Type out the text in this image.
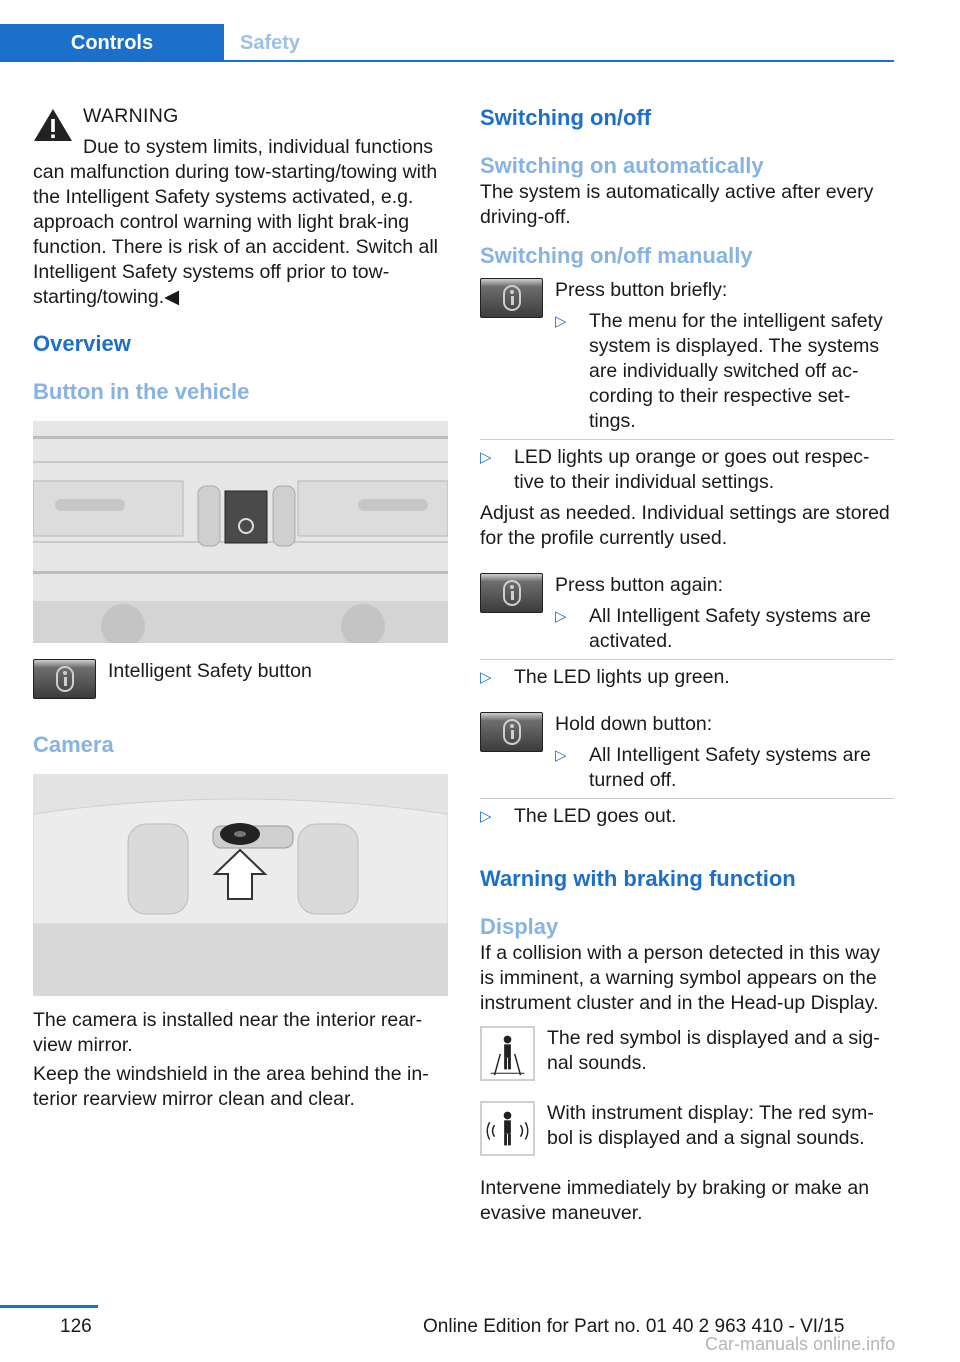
Controls	Safety

WARNING

Due to system limits, individual functions can malfunction during tow-starting/towing with the Intelligent Safety systems activated, e.g. approach control warning with light brak-ing function. There is risk of an accident. Switch all Intelligent Safety systems off prior to tow-starting/towing.◀

Overview

Button in the vehicle

Intelligent Safety button

Camera

The camera is installed near the interior rear-view mirror.

Keep the windshield in the area behind the in-terior rearview mirror clean and clear.

Switching on/off

Switching on automatically

The system is automatically active after every driving-off.

Switching on/off manually

Press button briefly:

▷	The menu for the intelligent safety system is displayed. The systems are individually switched off ac-cording to their respective set-tings.

▷	LED lights up orange or goes out respec-tive to their individual settings.

Adjust as needed. Individual settings are stored for the profile currently used.

Press button again:

▷	All Intelligent Safety systems are activated.

▷	The LED lights up green.

Hold down button:

▷	All Intelligent Safety systems are turned off.

▷	The LED goes out.

Warning with braking function

Display

If a collision with a person detected in this way is imminent, a warning symbol appears on the instrument cluster and in the Head-up Display.

The red symbol is displayed and a sig-nal sounds.

With instrument display: The red sym-bol is displayed and a signal sounds.

Intervene immediately by braking or make an evasive maneuver.

126	Online Edition for Part no. 01 40 2 963 410 - VI/15
Car-manuals online.info
